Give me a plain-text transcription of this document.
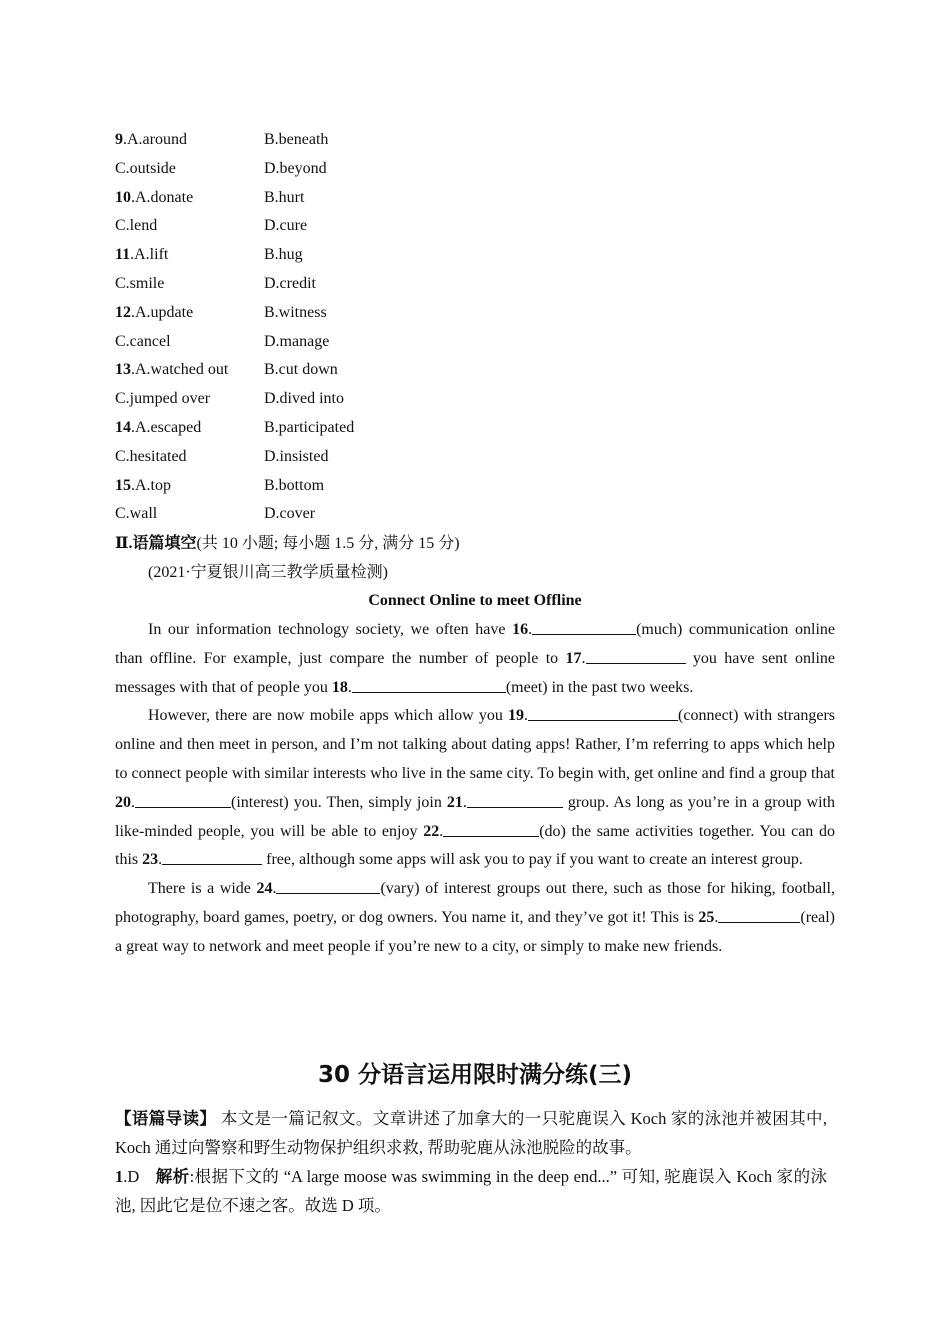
9.A.around	B.beneath
C.outside	D.beyond
10.A.donate	B.hurt
C.lend	D.cure
11.A.lift	B.hug
C.smile	D.credit
12.A.update	B.witness
C.cancel	D.manage
13.A.watched out B.cut down
C.jumped over	D.dived into
14.A.escaped	B.participated
C.hesitated	D.insisted
15.A.top	B.bottom
C.wall	D.cover
Ⅱ.语篇填空(共 10 小题; 每小题 1.5 分, 满分 15 分)
(2021·宁夏银川高三教学质量检测)
Connect Online to meet Offline

In our information technology society, we often have 16.	(much) communication online than offline. For example, just compare the number of people to 17.	you have sent online messages with that of people you 18.	(meet) in the past two weeks.

However, there are now mobile apps which allow you 19.	(connect) with strangers online and then meet in person, and I’m not talking about dating apps! Rather, I’m referring to apps which help to connect people with similar interests who live in the same city. To begin with, get online and find a group that 20.	(interest) you. Then, simply join 21.	group. As long as you’re in a group with like-minded people, you will be able to enjoy 22.	(do) the same activities together. You can do this 23.	free, although some apps will ask you to pay if you want to create an interest group.

There is a wide 24.	(vary) of interest groups out there, such as those for hiking, football, photography, board games, poetry, or dog owners. You name it, and they’ve got it! This is 25.	(real) a great way to network and meet people if you’re new to a city, or simply to make new friends.

30 分语言运用限时满分练(三)

【语篇导读】 本文是一篇记叙文。文章讲述了加拿大的一只驼鹿误入 Koch 家的泳池并被困其中, Koch 通过向警察和野生动物保护组织求救, 帮助驼鹿从泳池脱险的故事。

1.D 解析:根据下文的 “A large moose was swimming in the deep end...” 可知, 驼鹿误入 Koch 家的泳池, 因此它是位不速之客。故选 D 项。
